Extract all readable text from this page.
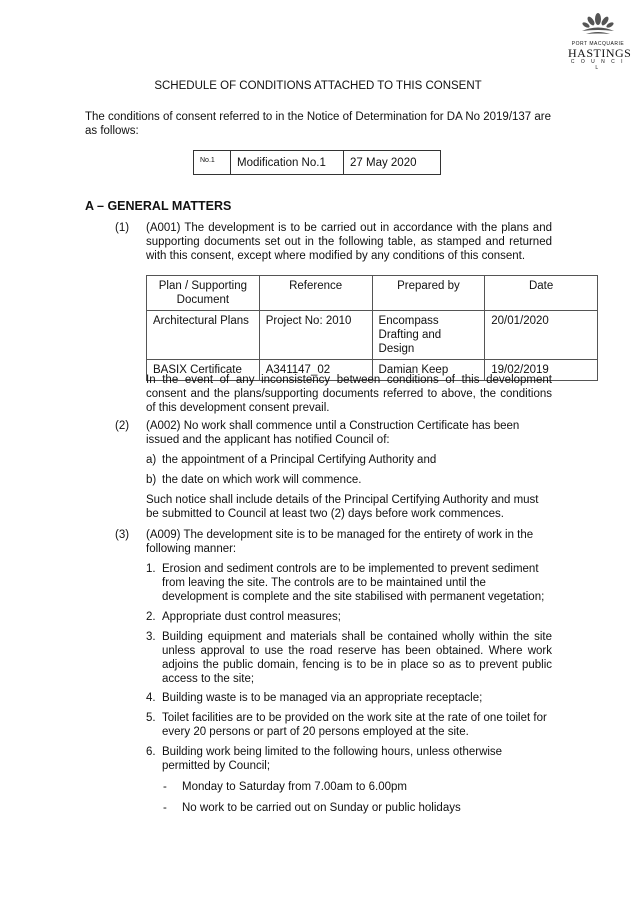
PORT MACQUARIE
HASTINGS
C O U N C I L
SCHEDULE OF CONDITIONS ATTACHED TO THIS CONSENT
The conditions of consent referred to in the Notice of Determination for DA No 2019/137 are as follows:
No.1	Modification No.1	27 May 2020
A – GENERAL MATTERS
(1) (A001) The development is to be carried out in accordance with the plans and supporting documents set out in the following table, as stamped and returned with this consent, except where modified by any conditions of this consent.
Plan / Supporting Document	Reference	Prepared by	Date
Architectural Plans	Project No: 2010	Encompass Drafting and Design	20/01/2020
BASIX Certificate	A341147_02	Damian Keep	19/02/2019
In the event of any inconsistency between conditions of this development consent and the plans/supporting documents referred to above, the conditions of this development consent prevail.
(2) (A002) No work shall commence until a Construction Certificate has been issued and the applicant has notified Council of:
a) the appointment of a Principal Certifying Authority and
b) the date on which work will commence.
Such notice shall include details of the Principal Certifying Authority and must be submitted to Council at least two (2) days before work commences.
(3) (A009) The development site is to be managed for the entirety of work in the following manner:
1. Erosion and sediment controls are to be implemented to prevent sediment from leaving the site. The controls are to be maintained until the development is complete and the site stabilised with permanent vegetation;
2. Appropriate dust control measures;
3. Building equipment and materials shall be contained wholly within the site unless approval to use the road reserve has been obtained. Where work adjoins the public domain, fencing is to be in place so as to prevent public access to the site;
4. Building waste is to be managed via an appropriate receptacle;
5. Toilet facilities are to be provided on the work site at the rate of one toilet for every 20 persons or part of 20 persons employed at the site.
6. Building work being limited to the following hours, unless otherwise permitted by Council;
- Monday to Saturday from 7.00am to 6.00pm
- No work to be carried out on Sunday or public holidays
